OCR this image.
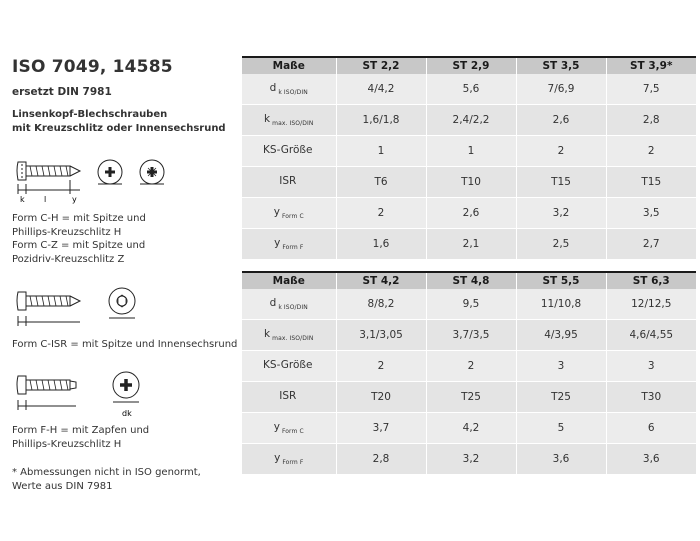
ISO 7049, 14585
ersetzt DIN 7981
Linsenkopf-Blechschrauben
mit Kreuzschlitz oder Innensechsrund
k	y
l
Form C-H = mit Spitze und
Phillips-Kreuzschlitz H
Form C-Z = mit Spitze und
Pozidriv-Kreuzschlitz Z
Form C-ISR = mit Spitze und Innensechsrund
dk
Form F-H = mit Zapfen und
Phillips-Kreuzschlitz H
* Abmessungen nicht in ISO genormt,
Werte aus DIN 7981
Maße	ST 2,2	ST 2,9	ST 3,5	ST 3,9*
d $_{k ISO/DIN}$	4/4,2	5,6	7/6,9	7,5
k $_{max. ISO/DIN}$	1,6/1,8	2,4/2,2	2,6	2,8
KS-Größe	1	1	2	2
ISR	T6	T10	T15	T15
y $_{Form C}$	2	2,6	3,2	3,5
y $_{Form F}$	1,6	2,1	2,5	2,7
Maße	ST 4,2	ST 4,8	ST 5,5	ST 6,3
d $_{k ISO/DIN}$	8/8,2	9,5	11/10,8	12/12,5
k $_{max. ISO/DIN}$	3,1/3,05	3,7/3,5	4/3,95	4,6/4,55
KS-Größe	2	2	3	3
ISR	T20	T25	T25	T30
y $_{Form C}$	3,7	4,2	5	6
y $_{Form F}$	2,8	3,2	3,6	3,6
